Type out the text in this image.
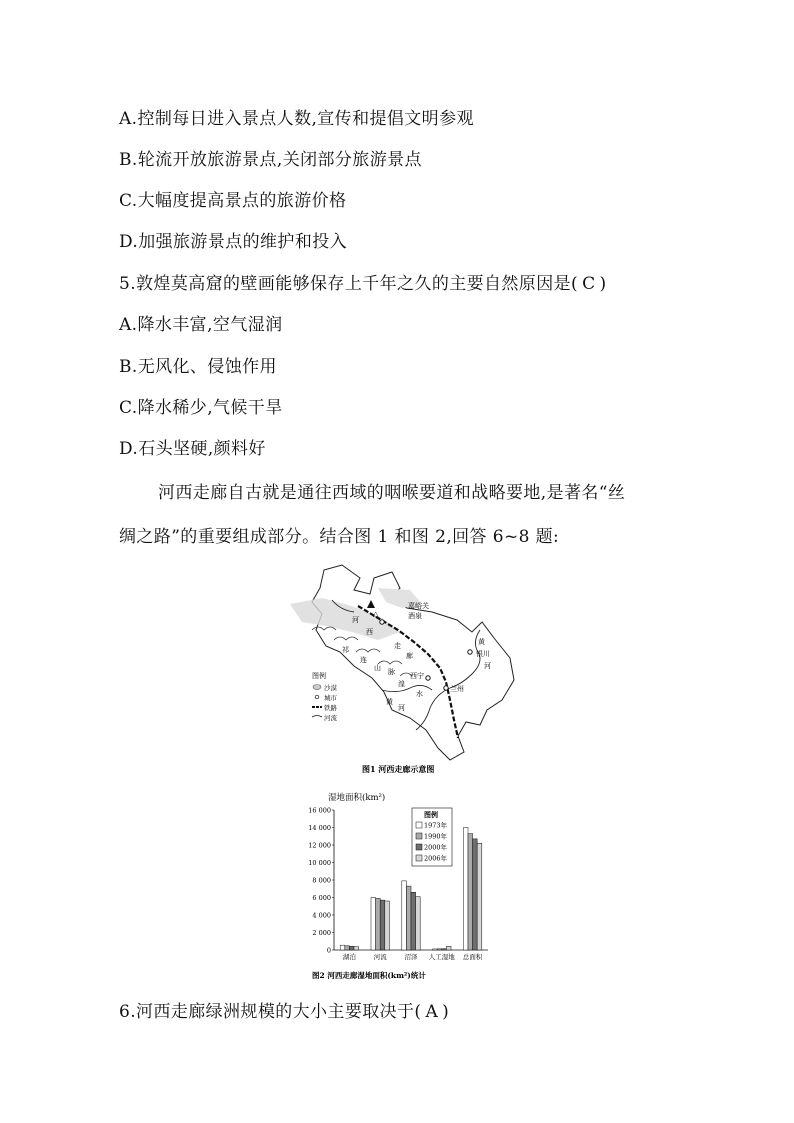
A.控制每日进入景点人数,宣传和提倡文明参观
B.轮流开放旅游景点,关闭部分旅游景点
C.大幅度提高景点的旅游价格
D.加强旅游景点的维护和投入
5.敦煌莫高窟的壁画能够保存上千年之久的主要自然原因是( C )
A.降水丰富,空气湿润
B.无风化、侵蚀作用
C.降水稀少,气候干旱
D.石头坚硬,颜料好
河西走廊自古就是通往西域的咽喉要道和战略要地,是著名“丝
绸之路”的重要组成部分。结合图 1 和图 2,回答 6~8 题:
△
嘉峪关
酒泉
银川
西宁
兰州
河
西
走
廊
祁
连
山 脉
黄
河
湟
水
黄
河
图例
沙漠
城市
铁路
河流
图1 河西走廊示意图
湿地面积(km²)
0
2 000
4 000
6 000
8 000
10 000
12 000
14 000
16 000
湖泊	河流	沼泽 人工湿地 总面积
图例
1973年
1990年
2000年
2006年
图2 河西走廊湿地面积(km²)统计
6.河西走廊绿洲规模的大小主要取决于( A )
